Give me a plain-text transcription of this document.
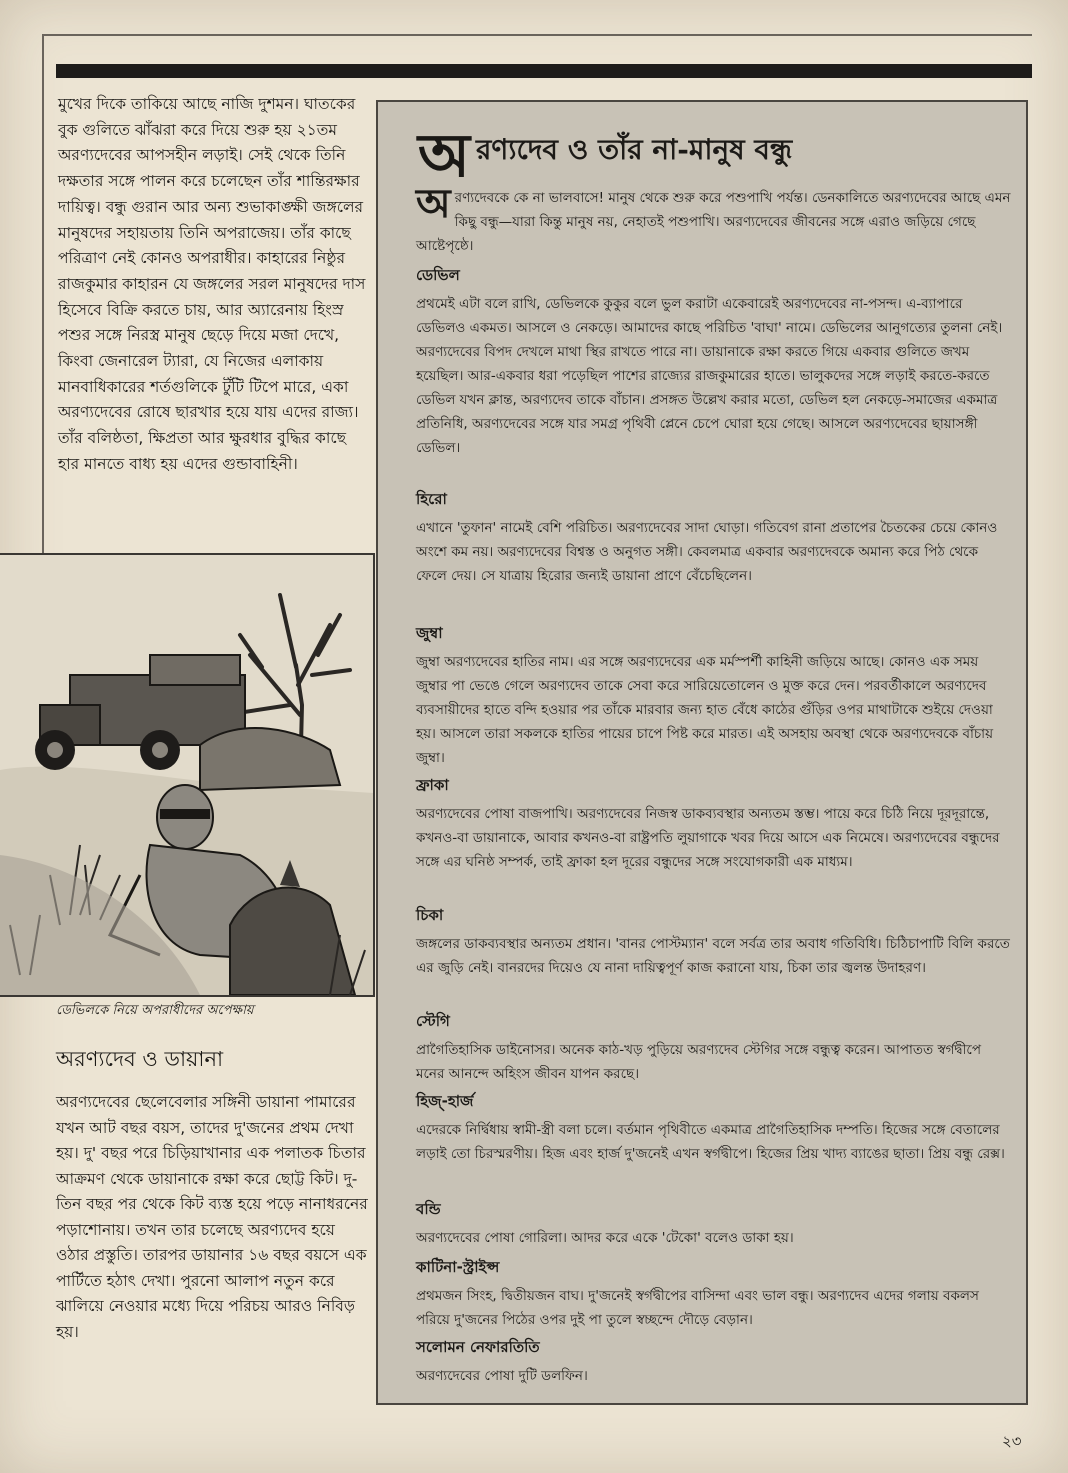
মুখের দিকে তাকিয়ে আছে নাজি দুশমন। ঘাতকের বুক গুলিতে ঝাঁঝরা করে দিয়ে শুরু হয় ২১তম অরণ্যদেবের আপসহীন লড়াই। সেই থেকে তিনি দক্ষতার সঙ্গে পালন করে চলেছেন তাঁর শান্তিরক্ষার দায়িত্ব। বন্ধু গুরান আর অন্য শুভাকাঙ্ক্ষী জঙ্গলের মানুষদের সহায়তায় তিনি অপরাজেয়। তাঁর কাছে পরিত্রাণ নেই কোনও অপরাধীর। কাহারের নিষ্ঠুর রাজকুমার কাহারন যে জঙ্গলের সরল মানুষদের দাস হিসেবে বিক্রি করতে চায়, আর অ্যারেনায় হিংস্র পশুর সঙ্গে নিরস্ত্র মানুষ ছেড়ে দিয়ে মজা দেখে, কিংবা জেনারেল ট্যারা, যে নিজের এলাকায় মানবাধিকারের শর্তগুলিকে টুঁটি টিপে মারে, একা অরণ্যদেবের রোষে ছারখার হয়ে যায় এদের রাজ্য। তাঁর বলিষ্ঠতা, ক্ষিপ্রতা আর ক্ষুরধার বুদ্ধির কাছে হার মানতে বাধ্য হয় এদের গুন্ডাবাহিনী।

ডেভিলকে নিয়ে অপরাধীদের অপেক্ষায়

অরণ্যদেব ও ডায়ানা

অরণ্যদেবের ছেলেবেলার সঙ্গিনী ডায়ানা পামারের যখন আট বছর বয়স, তাদের দু'জনের প্রথম দেখা হয়। দু' বছর পরে চিড়িয়াখানার এক পলাতক চিতার আক্রমণ থেকে ডায়ানাকে রক্ষা করে ছোট্ট কিট। দু-তিন বছর পর থেকে কিট ব্যস্ত হয়ে পড়ে নানাধরনের পড়াশোনায়। তখন তার চলেছে অরণ্যদেব হয়ে ওঠার প্রস্তুতি। তারপর ডায়ানার ১৬ বছর বয়সে এক পার্টিতে হঠাৎ দেখা। পুরনো আলাপ নতুন করে ঝালিয়ে নেওয়ার মধ্যে দিয়ে পরিচয় আরও নিবিড় হয়।

অ রণ্যদেব ও তাঁর না-মানুষ বন্ধু

অরণ্যদেবকে কে না ভালবাসে! মানুষ থেকে শুরু করে পশুপাখি পর্যন্ত। ডেনকালিতে অরণ্যদেবের আছে এমন কিছু বন্ধু—যারা কিন্তু মানুষ নয়, নেহাতই পশুপাখি। অরণ্যদেবের জীবনের সঙ্গে এরাও জড়িয়ে গেছে আষ্টেপৃষ্ঠে।

ডেভিল

প্রথমেই এটা বলে রাখি, ডেভিলকে কুকুর বলে ভুল করাটা একেবারেই অরণ্যদেবের না-পসন্দ। এ-ব্যাপারে ডেভিলও একমত। আসলে ও নেকড়ে। আমাদের কাছে পরিচিত 'বাঘা' নামে। ডেভিলের আনুগত্যের তুলনা নেই। অরণ্যদেবের বিপদ দেখলে মাথা স্থির রাখতে পারে না। ডায়ানাকে রক্ষা করতে গিয়ে একবার গুলিতে জখম হয়েছিল। আর-একবার ধরা পড়েছিল পাশের রাজ্যের রাজকুমারের হাতে। ভালুকদের সঙ্গে লড়াই করতে-করতে ডেভিল যখন ক্লান্ত, অরণ্যদেব তাকে বাঁচান। প্রসঙ্গত উল্লেখ করার মতো, ডেভিল হল নেকড়ে-সমাজের একমাত্র প্রতিনিধি, অরণ্যদেবের সঙ্গে যার সমগ্র পৃথিবী প্লেনে চেপে ঘোরা হয়ে গেছে। আসলে অরণ্যদেবের ছায়াসঙ্গী ডেভিল।

হিরো

এখানে 'তুফান' নামেই বেশি পরিচিত। অরণ্যদেবের সাদা ঘোড়া। গতিবেগ রানা প্রতাপের চৈতকের চেয়ে কোনও অংশে কম নয়। অরণ্যদেবের বিশ্বস্ত ও অনুগত সঙ্গী। কেবলমাত্র একবার অরণ্যদেবকে অমান্য করে পিঠ থেকে ফেলে দেয়। সে যাত্রায় হিরোর জন্যই ডায়ানা প্রাণে বেঁচেছিলেন।

জুম্বা

জুম্বা অরণ্যদেবের হাতির নাম। এর সঙ্গে অরণ্যদেবের এক মর্মস্পর্শী কাহিনী জড়িয়ে আছে। কোনও এক সময় জুম্বার পা ভেঙে গেলে অরণ্যদেব তাকে সেবা করে সারিয়েতোলেন ও মুক্ত করে দেন। পরবর্তীকালে অরণ্যদেব ব্যবসায়ীদের হাতে বন্দি হওয়ার পর তাঁকে মারবার জন্য হাত বেঁধে কাঠের গুঁড়ির ওপর মাথাটাকে শুইয়ে দেওয়া হয়। আসলে তারা সকলকে হাতির পায়ের চাপে পিষ্ট করে মারত। এই অসহায় অবস্থা থেকে অরণ্যদেবকে বাঁচায় জুম্বা।

ফ্রাকা

অরণ্যদেবের পোষা বাজপাখি। অরণ্যদেবের নিজস্ব ডাকব্যবস্থার অন্যতম স্তম্ভ। পায়ে করে চিঠি নিয়ে দূরদূরান্তে, কখনও-বা ডায়ানাকে, আবার কখনও-বা রাষ্ট্রপতি লুয়াগাকে খবর দিয়ে আসে এক নিমেষে। অরণ্যদেবের বন্ধুদের সঙ্গে এর ঘনিষ্ঠ সম্পর্ক, তাই ফ্রাকা হল দূরের বন্ধুদের সঙ্গে সংযোগকারী এক মাধ্যম।

চিকা

জঙ্গলের ডাকব্যবস্থার অন্যতম প্রধান। 'বানর পোস্টম্যান' বলে সর্বত্র তার অবাধ গতিবিধি। চিঠিচাপাটি বিলি করতে এর জুড়ি নেই। বানরদের দিয়েও যে নানা দায়িত্বপূর্ণ কাজ করানো যায়, চিকা তার জ্বলন্ত উদাহরণ।

স্টেগি

প্রাগৈতিহাসিক ডাইনোসর। অনেক কাঠ-খড় পুড়িয়ে অরণ্যদেব স্টেগির সঙ্গে বন্ধুত্ব করেন। আপাতত স্বর্গদ্বীপে মনের আনন্দে অহিংস জীবন যাপন করছে।

হিজ্-হার্জ

এদেরকে নির্দ্বিধায় স্বামী-স্ত্রী বলা চলে। বর্তমান পৃথিবীতে একমাত্র প্রাগৈতিহাসিক দম্পতি। হিজের সঙ্গে বেতালের লড়াই তো চিরস্মরণীয়। হিজ এবং হার্জ দু'জনেই এখন স্বর্গদ্বীপে। হিজের প্রিয় খাদ্য ব্যাঙের ছাতা। প্রিয় বন্ধু রেক্স।

বন্ডি

অরণ্যদেবের পোষা গোরিলা। আদর করে একে 'টেকো' বলেও ডাকা হয়।

কাটিনা-স্ট্রাইপ্স

প্রথমজন সিংহ, দ্বিতীয়জন বাঘ। দু'জনেই স্বর্গদ্বীপের বাসিন্দা এবং ভাল বন্ধু। অরণ্যদেব এদের গলায় বকলস পরিয়ে দু'জনের পিঠের ওপর দুই পা তুলে স্বচ্ছন্দে দৌড়ে বেড়ান।

সলোমন নেফারতিতি

অরণ্যদেবের পোষা দুটি ডলফিন।

২৩
